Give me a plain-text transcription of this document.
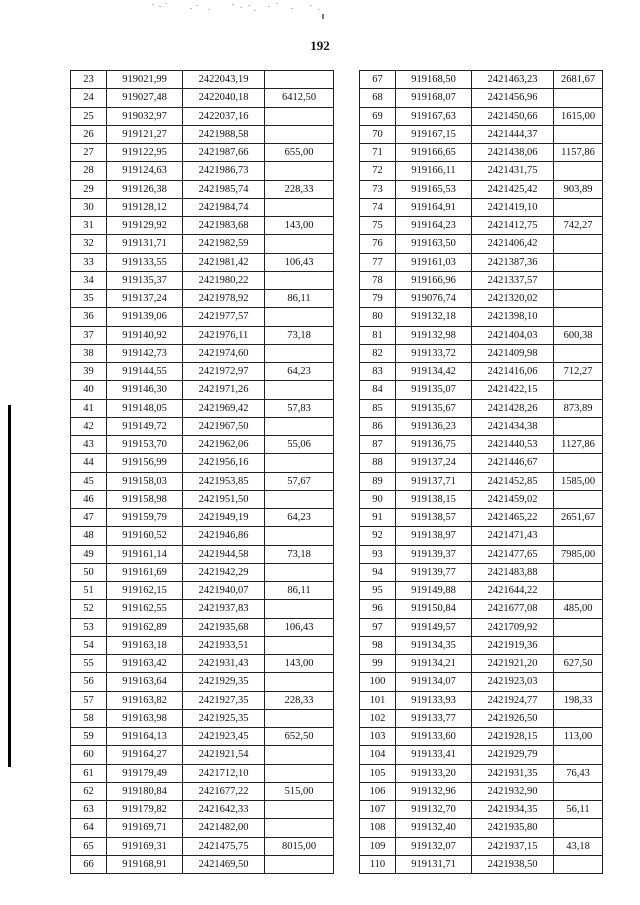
192
23	919021,99	2422043,19	
24	919027,48	2422040,18	6412,50
25	919032,97	2422037,16	
26	919121,27	2421988,58	
27	919122,95	2421987,66	655,00
28	919124,63	2421986,73	
29	919126,38	2421985,74	228,33
30	919128,12	2421984,74	
31	919129,92	2421983,68	143,00
32	919131,71	2421982,59	
33	919133,55	2421981,42	106,43
34	919135,37	2421980,22	
35	919137,24	2421978,92	86,11
36	919139,06	2421977,57	
37	919140,92	2421976,11	73,18
38	919142,73	2421974,60	
39	919144,55	2421972,97	64,23
40	919146,30	2421971,26	
41	919148,05	2421969,42	57,83
42	919149,72	2421967,50	
43	919153,70	2421962,06	55,06
44	919156,99	2421956,16	
45	919158,03	2421953,85	57,67
46	919158,98	2421951,50	
47	919159,79	2421949,19	64,23
48	919160,52	2421946,86	
49	919161,14	2421944,58	73,18
50	919161,69	2421942,29	
51	919162,15	2421940,07	86,11
52	919162,55	2421937,83	
53	919162,89	2421935,68	106,43
54	919163,18	2421933,51	
55	919163,42	2421931,43	143,00
56	919163,64	2421929,35	
57	919163,82	2421927,35	228,33
58	919163,98	2421925,35	
59	919164,13	2421923,45	652,50
60	919164,27	2421921,54	
61	919179,49	2421712,10	
62	919180,84	2421677,22	515,00
63	919179,82	2421642,33	
64	919169,71	2421482,00	
65	919169,31	2421475,75	8015,00
66	919168,91	2421469,50	
67	919168,50	2421463,23	2681,67
68	919168,07	2421456,96	
69	919167,63	2421450,66	1615,00
70	919167,15	2421444,37	
71	919166,65	2421438,06	1157,86
72	919166,11	2421431,75	
73	919165,53	2421425,42	903,89
74	919164,91	2421419,10	
75	919164,23	2421412,75	742,27
76	919163,50	2421406,42	
77	919161,03	2421387,36	
78	919166,96	2421337,57	
79	919076,74	2421320,02	
80	919132,18	2421398,10	
81	919132,98	2421404,03	600,38
82	919133,72	2421409,98	
83	919134,42	2421416,06	712,27
84	919135,07	2421422,15	
85	919135,67	2421428,26	873,89
86	919136,23	2421434,38	
87	919136,75	2421440,53	1127,86
88	919137,24	2421446,67	
89	919137,71	2421452,85	1585,00
90	919138,15	2421459,02	
91	919138,57	2421465,22	2651,67
92	919138,97	2421471,43	
93	919139,37	2421477,65	7985,00
94	919139,77	2421483,88	
95	919149,88	2421644,22	
96	919150,84	2421677,08	485,00
97	919149,57	2421709,92	
98	919134,35	2421919,36	
99	919134,21	2421921,20	627,50
100	919134,07	2421923,03	
101	919133,93	2421924,77	198,33
102	919133,77	2421926,50	
103	919133,60	2421928,15	113,00
104	919133,41	2421929,79	
105	919133,20	2421931,35	76,43
106	919132,96	2421932,90	
107	919132,70	2421934,35	56,11
108	919132,40	2421935,80	
109	919132,07	2421937,15	43,18
110	919131,71	2421938,50	
